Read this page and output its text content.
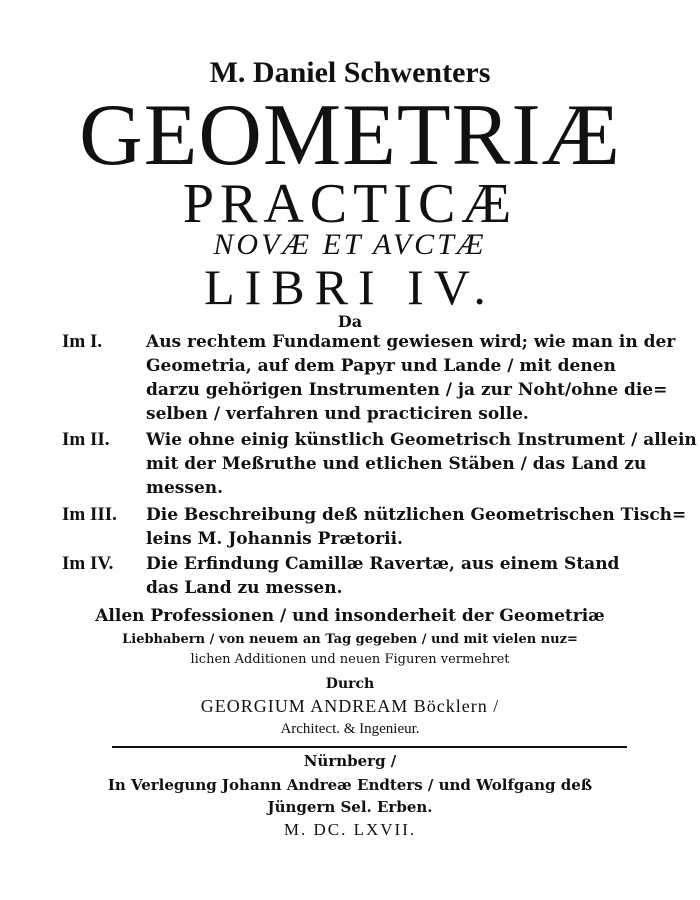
M. Daniel Schwenters
GEOMETRIÆ
PRACTICÆ
NOVÆ ET AVCTÆ
LIBRI IV.
Da
Im I.	Aus rechtem Fundament gewiesen wird; wie man in der
Geometria, auf dem Papyr und Lande / mit denen
darzu gehörigen Instrumenten / ja zur Noht/ohne die=
selben / verfahren und practiciren solle.
Im II. Wie ohne einig künstlich Geometrisch Instrument / allein
mit der Meßruthe und etlichen Stäben / das Land zu
messen.
Im III. Die Beschreibung deß nützlichen Geometrischen Tisch=
leins M. Johannis Prætorii.
Im IV. Die Erfindung Camillæ Ravertæ, aus einem Stand
das Land zu messen.
Allen Professionen / und insonderheit der Geometriæ
Liebhabern / von neuem an Tag gegeben / und mit vielen nuz=
lichen Additionen und neuen Figuren vermehret
Durch
GEORGIUM ANDREAM Böcklern /
Architect. & Ingenieur.
Nürnberg /
In Verlegung Johann Andreæ Endters / und Wolfgang deß
Jüngern Sel. Erben.
M. DC. LXVII.
